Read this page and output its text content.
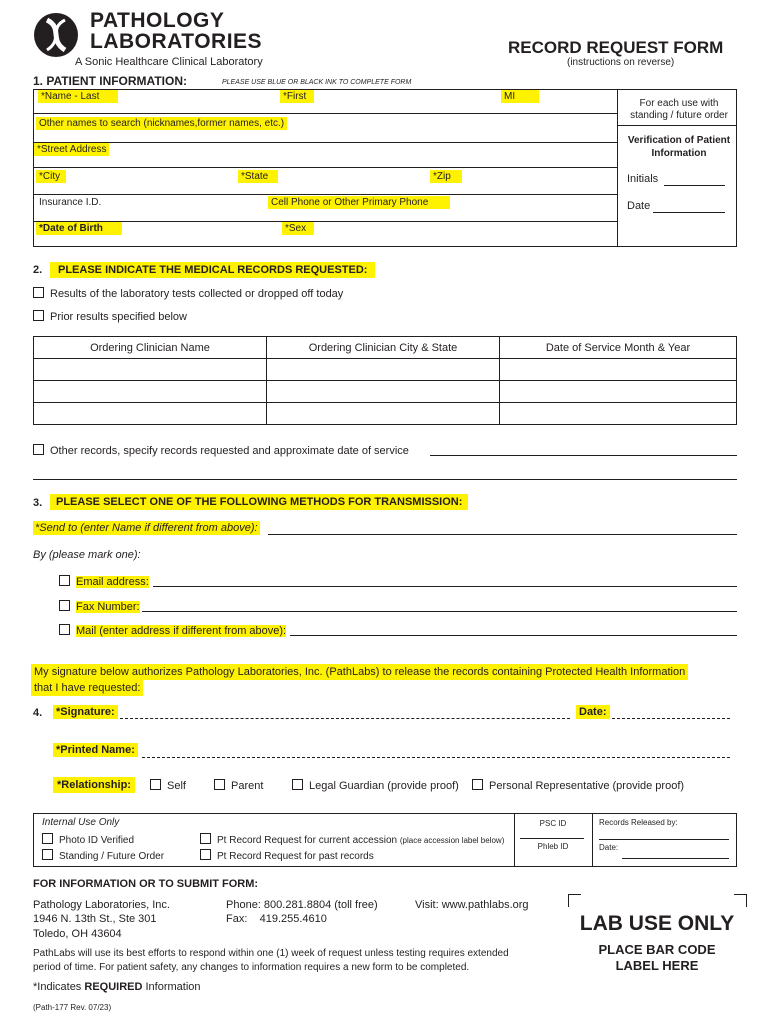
PATHOLOGY
LABORATORIES
A Sonic Healthcare Clinical Laboratory
RECORD REQUEST FORM
(instructions on reverse)
1. PATIENT INFORMATION:	PLEASE USE BLUE OR BLACK INK TO COMPLETE FORM
*Name - Last	*First	MI
Other names to search (nicknames,former names, etc.)
*Street Address
*City	*State	*Zip
Insurance I.D.	Cell Phone or Other Primary Phone
*Date of Birth	*Sex
For each use with standing / future order
Verification of Patient Information
Initials
Date
2.	PLEASE INDICATE THE MEDICAL RECORDS REQUESTED:
Results of the laboratory tests collected or dropped off today
Prior results specified below
Ordering Clinician Name	Ordering Clinician City & State	Date of Service Month & Year

Other records, specify records requested and approximate date of service
3.	PLEASE SELECT ONE OF THE FOLLOWING METHODS FOR TRANSMISSION:
*Send to (enter Name if different from above):
By (please mark one):
Email address:
Fax Number:
Mail (enter address if different from above):
My signature below authorizes Pathology Laboratories, Inc. (PathLabs) to release the records containing Protected Health Information
that I have requested:
4. *Signature:	Date:
*Printed Name:
*Relationship:	Self	Parent	Legal Guardian (provide proof)	Personal Representative (provide proof)
Internal Use Only
Photo ID Verified
Standing / Future Order
Pt Record Request for current accession (place accession label below)
Pt Record Request for past records
PSC ID
Phleb ID
Records Released by:
Date:
FOR INFORMATION OR TO SUBMIT FORM:
Pathology Laboratories, Inc.
1946 N. 13th St., Ste 301
Toledo, OH 43604
Phone: 800.281.8804 (toll free)
Fax:    419.255.4610
Visit: www.pathlabs.org
PathLabs will use its best efforts to respond within one (1) week of request unless testing requires extended
period of time. For patient safety, any changes to information requires a new form to be completed.
*Indicates REQUIRED Information
(Path-177 Rev. 07/23)
LAB USE ONLY
PLACE BAR CODE
LABEL HERE
